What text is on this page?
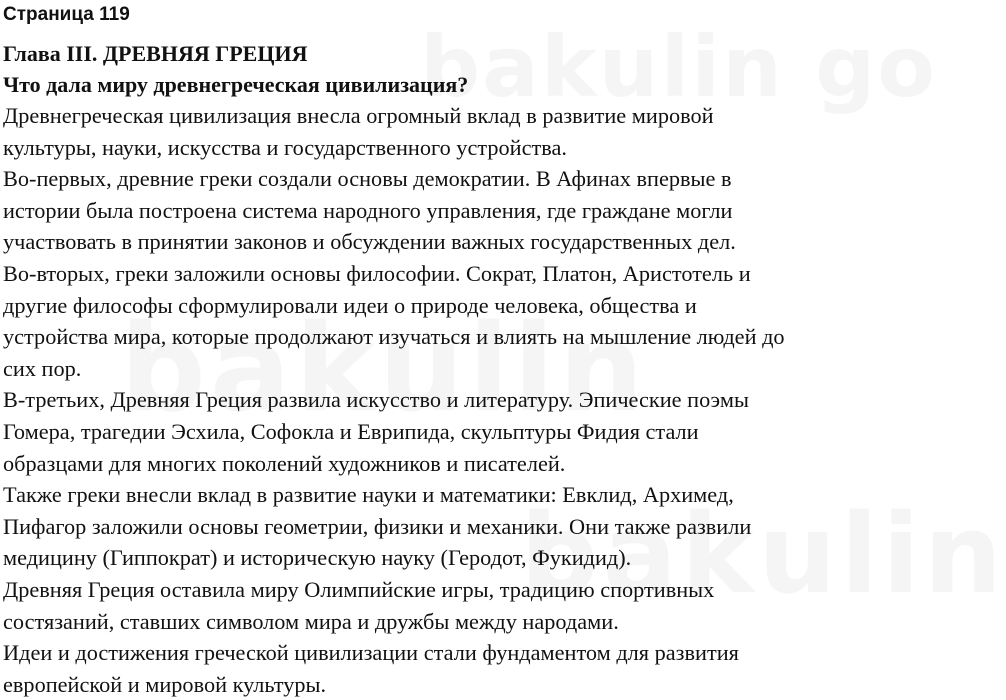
Страница 119
Глава III. ДРЕВНЯЯ ГРЕЦИЯ
Что дала миру древнегреческая цивилизация?

Древнегреческая цивилизация внесла огромный вклад в развитие мировой культуры, науки, искусства и государственного устройства.

Во-первых, древние греки создали основы демократии. В Афинах впервые в истории была построена система народного управления, где граждане могли участвовать в принятии законов и обсуждении важных государственных дел.

Во-вторых, греки заложили основы философии. Сократ, Платон, Аристотель и другие философы сформулировали идеи о природе человека, общества и устройства мира, которые продолжают изучаться и влиять на мышление людей до сих пор.

В-третьих, Древняя Греция развила искусство и литературу. Эпические поэмы Гомера, трагедии Эсхила, Софокла и Еврипида, скульптуры Фидия стали образцами для многих поколений художников и писателей.

Также греки внесли вклад в развитие науки и математики: Евклид, Архимед, Пифагор заложили основы геометрии, физики и механики. Они также развили медицину (Гиппократ) и историческую науку (Геродот, Фукидид).

Древняя Греция оставила миру Олимпийские игры, традицию спортивных состязаний, ставших символом мира и дружбы между народами.

Идеи и достижения греческой цивилизации стали фундаментом для развития европейской и мировой культуры.
